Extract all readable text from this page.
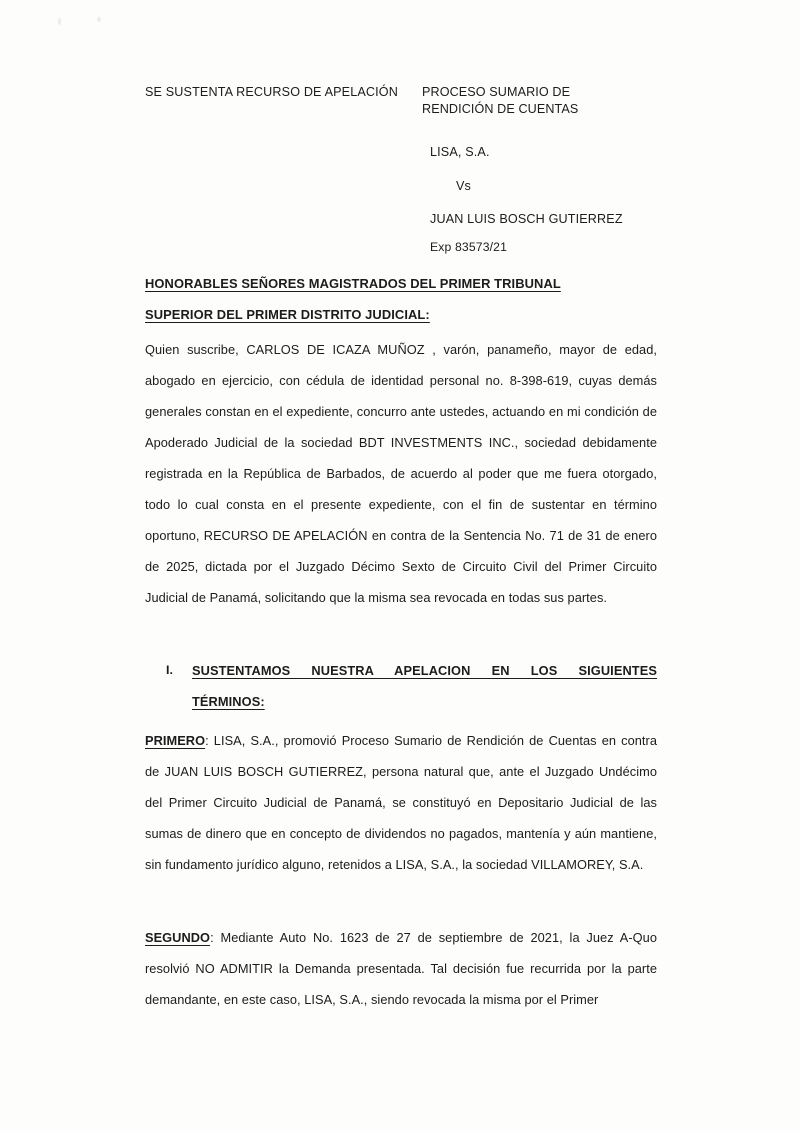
SE SUSTENTA RECURSO DE APELACIÓN PROCESO SUMARIO DE
RENDICIÓN DE CUENTAS
LISA, S.A.
Vs
JUAN LUIS BOSCH GUTIERREZ
Exp 83573/21
HONORABLES SEÑORES MAGISTRADOS DEL PRIMER TRIBUNAL
SUPERIOR DEL PRIMER DISTRITO JUDICIAL:
Quien suscribe, CARLOS DE ICAZA MUÑOZ , varón, panameño, mayor de edad, abogado en ejercicio, con cédula de identidad personal no. 8-398-619, cuyas demás generales constan en el expediente, concurro ante ustedes, actuando en mi condición de Apoderado Judicial de la sociedad BDT INVESTMENTS INC., sociedad debidamente registrada en la República de Barbados, de acuerdo al poder que me fuera otorgado, todo lo cual consta en el presente expediente, con el fin de sustentar en término oportuno, RECURSO DE APELACIÓN en contra de la Sentencia No. 71 de 31 de enero de 2025, dictada por el Juzgado Décimo Sexto de Circuito Civil del Primer Circuito Judicial de Panamá, solicitando que la misma sea revocada en todas sus partes.
I.	SUSTENTAMOS NUESTRA APELACION EN LOS SIGUIENTES
TÉRMINOS:
PRIMERO: LISA, S.A., promovió Proceso Sumario de Rendición de Cuentas en contra de JUAN LUIS BOSCH GUTIERREZ, persona natural que, ante el Juzgado Undécimo del Primer Circuito Judicial de Panamá, se constituyó en Depositario Judicial de las sumas de dinero que en concepto de dividendos no pagados, mantenía y aún mantiene, sin fundamento jurídico alguno, retenidos a LISA, S.A., la sociedad VILLAMOREY, S.A.
SEGUNDO: Mediante Auto No. 1623 de 27 de septiembre de 2021, la Juez A-Quo resolvió NO ADMITIR la Demanda presentada. Tal decisión fue recurrida por la parte demandante, en este caso, LISA, S.A., siendo revocada la misma por el Primer
